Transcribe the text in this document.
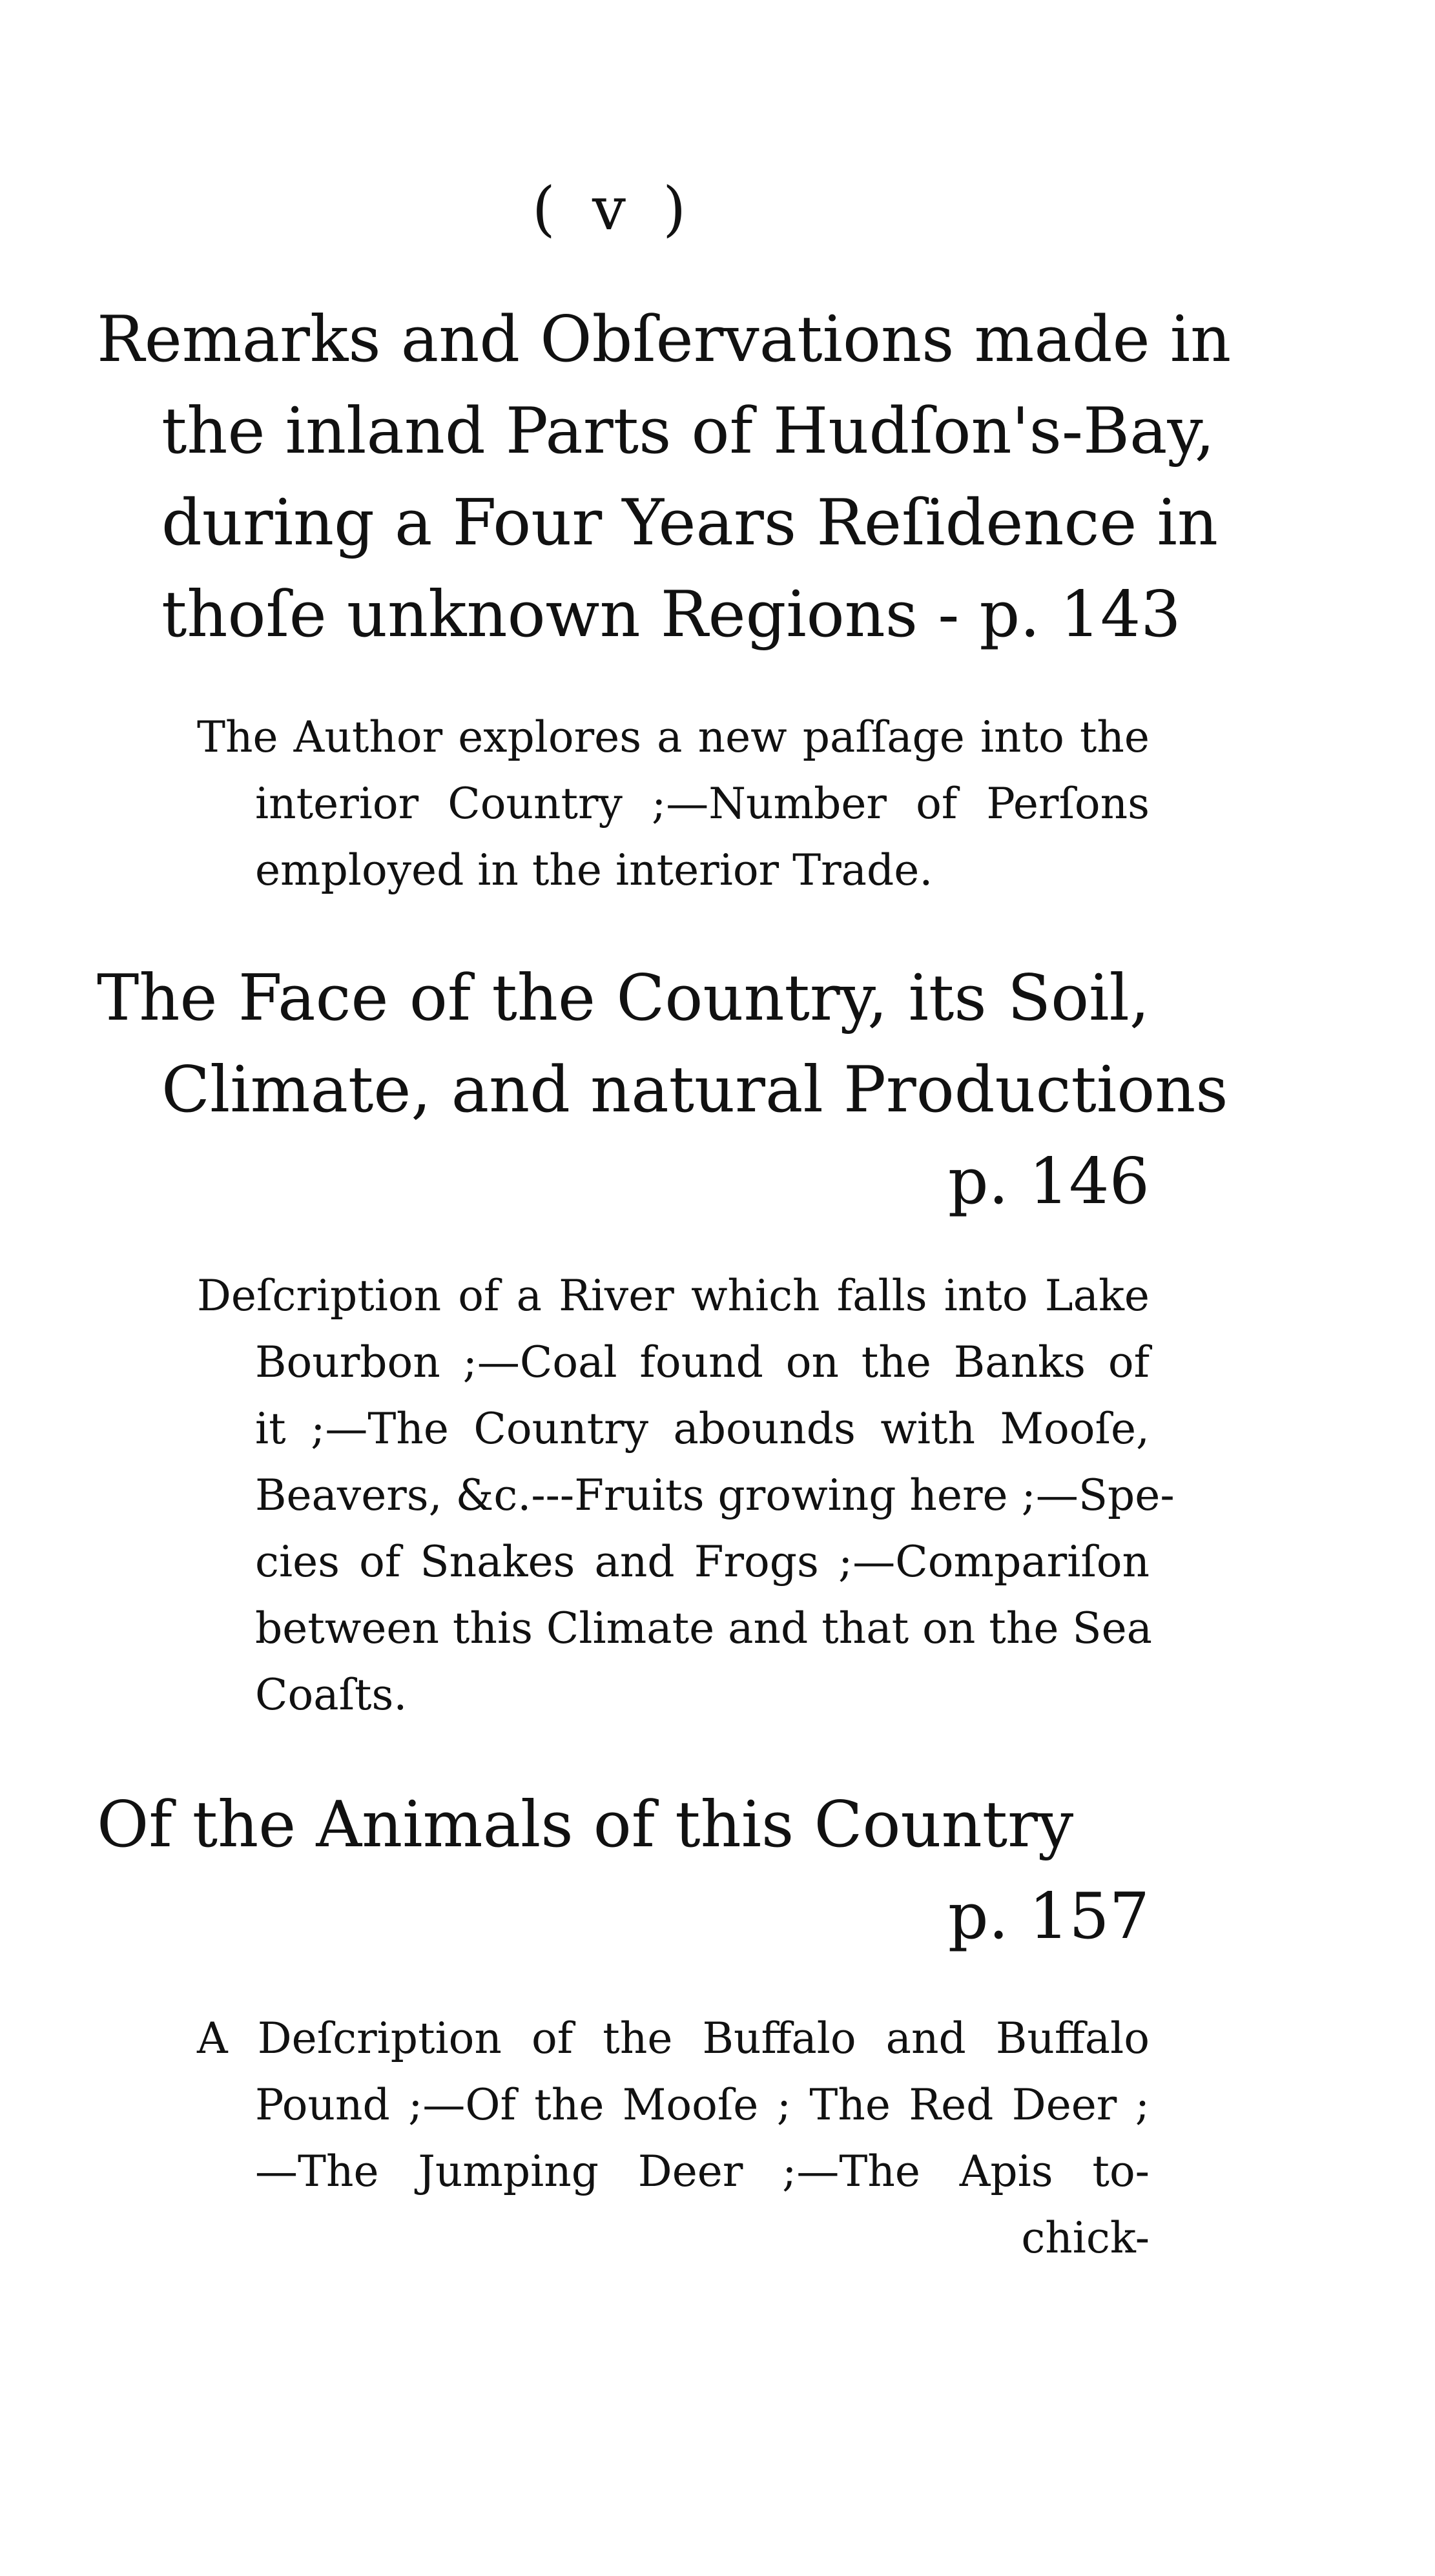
( v )
Remarks and Obſervations made in
the inland Parts of Hudſon's-Bay,
during a Four Years Reſidence in
thoſe unknown Regions - p. 143

The Author explores a new paſſage into the
interior Country ;—Number of Perſons
employed in the interior Trade.

The Face of the Country, its Soil,
Climate, and natural Productions
p. 146

Deſcription of a River which falls into Lake
Bourbon ;—Coal found on the Banks of
it ;—The Country abounds with Mooſe,
Beavers, &c.---Fruits growing here ;—Spe-
cies of Snakes and Frogs ;—Compariſon
between this Climate and that on the Sea
Coaſts.

Of the Animals of this Country
p. 157

A Deſcription of the Buffalo and Buffalo
Pound ;—Of the Mooſe ; The Red Deer ;
—The Jumping Deer ;—The Apis to-
chick-
